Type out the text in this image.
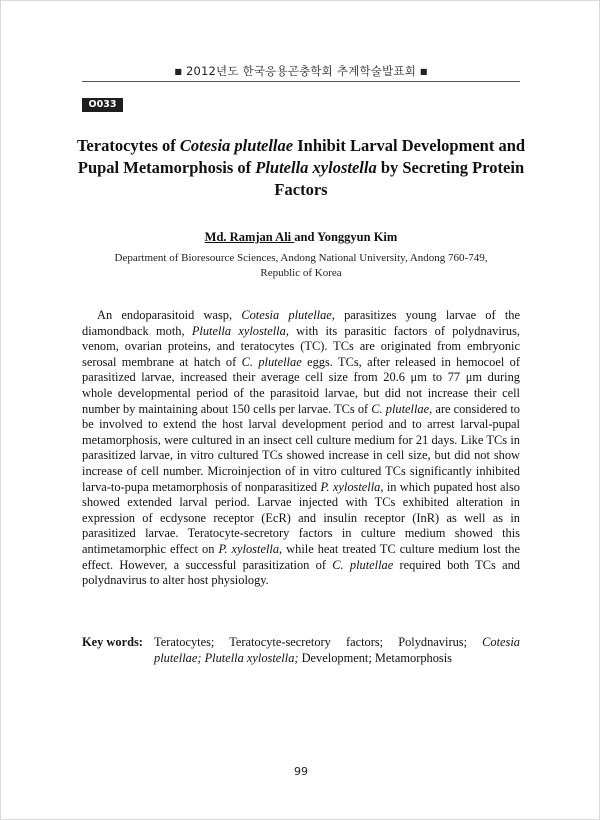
■ 2012년도 한국응용곤충학회 추계학술발표회 ■
O033
Teratocytes of Cotesia plutellae Inhibit Larval Development and Pupal Metamorphosis of Plutella xylostella by Secreting Protein Factors
Md. Ramjan Ali and Yonggyun Kim
Department of Bioresource Sciences, Andong National University, Andong 760-749,
Republic of Korea

An endoparasitoid wasp, Cotesia plutellae, parasitizes young larvae of the diamondback moth, Plutella xylostella, with its parasitic factors of polydnavirus, venom, ovarian proteins, and teratocytes (TC). TCs are originated from embryonic serosal membrane at hatch of C. plutellae eggs. TCs, after released in hemocoel of parasitized larvae, increased their average cell size from 20.6 μm to 77 μm during whole developmental period of the parasitoid larvae, but did not increase their cell number by maintaining about 150 cells per larvae. TCs of C. plutellae, are considered to be involved to extend the host larval development period and to arrest larval-pupal metamorphosis, were cultured in an insect cell culture medium for 21 days. Like TCs in parasitized larvae, in vitro cultured TCs showed increase in cell size, but did not show increase of cell number. Microinjection of in vitro cultured TCs significantly inhibited larva-to-pupa metamorphosis of nonparasitized P. xylostella, in which pupated host also showed extended larval period. Larvae injected with TCs exhibited alteration in expression of ecdysone receptor (EcR) and insulin receptor (InR) as well as in parasitized larvae. Teratocyte-secretory factors in culture medium showed this antimetamorphic effect on P. xylostella, while heat treated TC culture medium lost the effect. However, a successful parasitization of C. plutellae required both TCs and polydnavirus to alter host physiology.

Key words: Teratocytes; Teratocyte-secretory factors; Polydnavirus; Cotesia plutellae; Plutella xylostella; Development; Metamorphosis
99
